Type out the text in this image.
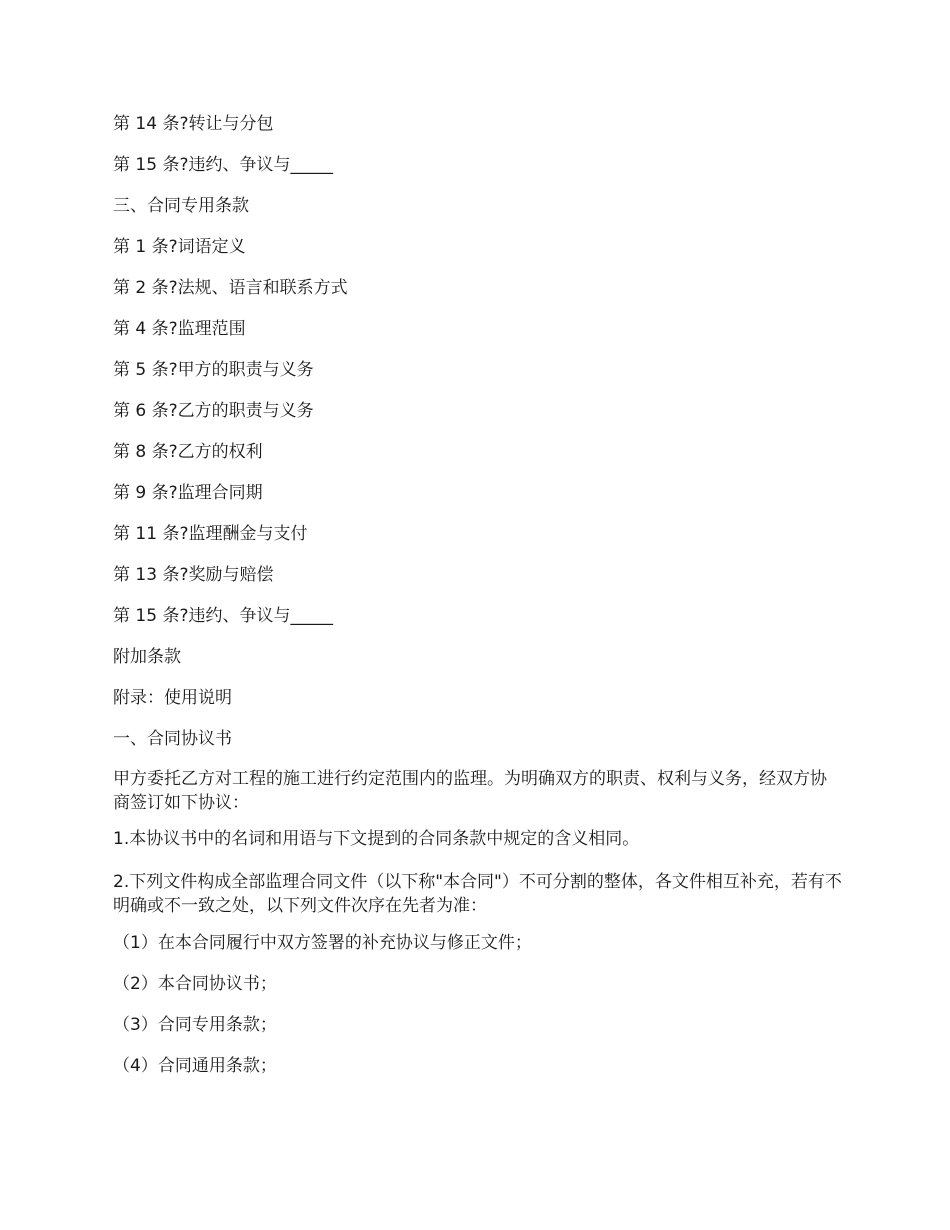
第 14 条?转让与分包

第 15 条?违约、争议与_____

三、合同专用条款

第 1 条?词语定义

第 2 条?法规、语言和联系方式

第 4 条?监理范围

第 5 条?甲方的职责与义务

第 6 条?乙方的职责与义务

第 8 条?乙方的权利

第 9 条?监理合同期

第 11 条?监理酬金与支付

第 13 条?奖励与赔偿

第 15 条?违约、争议与_____

附加条款

附录：使用说明

一、合同协议书

甲方委托乙方对工程的施工进行约定范围内的监理。为明确双方的职责、权利与义务，经双方协商签订如下协议：

1.本协议书中的名词和用语与下文提到的合同条款中规定的含义相同。

2.下列文件构成全部监理合同文件（以下称"本合同"）不可分割的整体，各文件相互补充，若有不明确或不一致之处，以下列文件次序在先者为准：

（1）在本合同履行中双方签署的补充协议与修正文件；

（2）本合同协议书；

（3）合同专用条款；

（4）合同通用条款；
